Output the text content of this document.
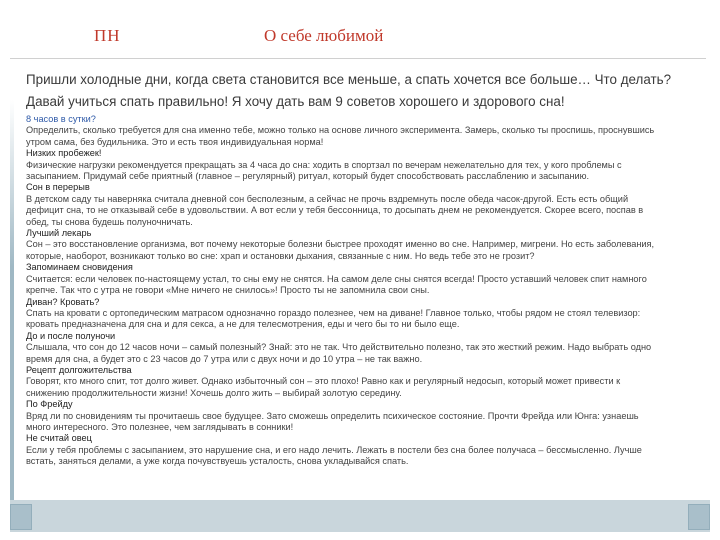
ПН	О себе любимой

Пришли холодные дни, когда света становится все меньше, а спать хочется все больше… Что делать?

Давай учиться спать правильно! Я хочу дать вам 9 советов хорошего и здорового сна!

8 часов в сутки?

Определить, сколько требуется для сна именно тебе, можно только на основе личного эксперимента. Замерь, сколько ты проспишь, проснувшись

утром сама, без будильника. Это и есть твоя индивидуальная норма!

Низких пробежек!

Физические нагрузки рекомендуется прекращать за 4 часа до сна: ходить в спортзал по вечерам нежелательно для тех, у кого проблемы с

засыпанием. Придумай себе приятный (главное – регулярный) ритуал, который будет способствовать расслаблению и засыпанию.

Сон в перерыв

В детском саду ты наверняка считала дневной сон бесполезным, а сейчас не прочь вздремнуть после обеда часок-другой. Есть есть общий

дефицит сна, то не отказывай себе в удовольствии. А вот если у тебя бессонница, то досыпать днем не рекомендуется. Скорее всего, поспав в

обед, ты снова будешь полуночничать.

Лучший лекарь

Сон – это восстановление организма, вот почему некоторые болезни быстрее проходят именно во сне. Например, мигрени. Но есть заболевания,

которые, наоборот, возникают только во сне: храп и остановки дыхания, связанные с ним. Но ведь тебе это не грозит?

Запоминаем сновидения

Считается: если человек по-настоящему устал, то сны ему не снятся. На самом деле сны снятся всегда! Просто уставший человек спит намного

крепче. Так что с утра не говори «Мне ничего не снилось»! Просто ты не запомнила свои сны.

Диван? Кровать?

Спать на кровати с ортопедическим матрасом однозначно гораздо полезнее, чем на диване! Главное только, чтобы рядом не стоял телевизор:

кровать предназначена для сна и для секса, а не для телесмотрения, еды и чего бы то ни было еще.

До и после полуночи

Слышала, что сон до 12 часов ночи – самый полезный? Знай: это не так. Что действительно полезно, так это жесткий режим. Надо выбрать одно

время для сна, а будет это с 23 часов до 7 утра или с двух ночи и до 10 утра – не так важно.

Рецепт долгожительства

Говорят, кто много спит, тот долго живет. Однако избыточный сон – это плохо! Равно как и регулярный недосып, который может привести к

снижению продолжительности жизни! Хочешь долго жить – выбирай золотую середину.

По Фрейду

Вряд ли по сновидениям ты прочитаешь свое будущее. Зато сможешь определить психическое состояние. Прочти Фрейда или Юнга: узнаешь

много интересного. Это полезнее, чем заглядывать в сонники!

Не считай овец

Если у тебя проблемы с засыпанием, это нарушение сна, и его надо лечить. Лежать в постели без сна более получаса – бессмысленно. Лучше

встать, заняться делами, а уже когда почувствуешь усталость, снова укладывайся спать.
